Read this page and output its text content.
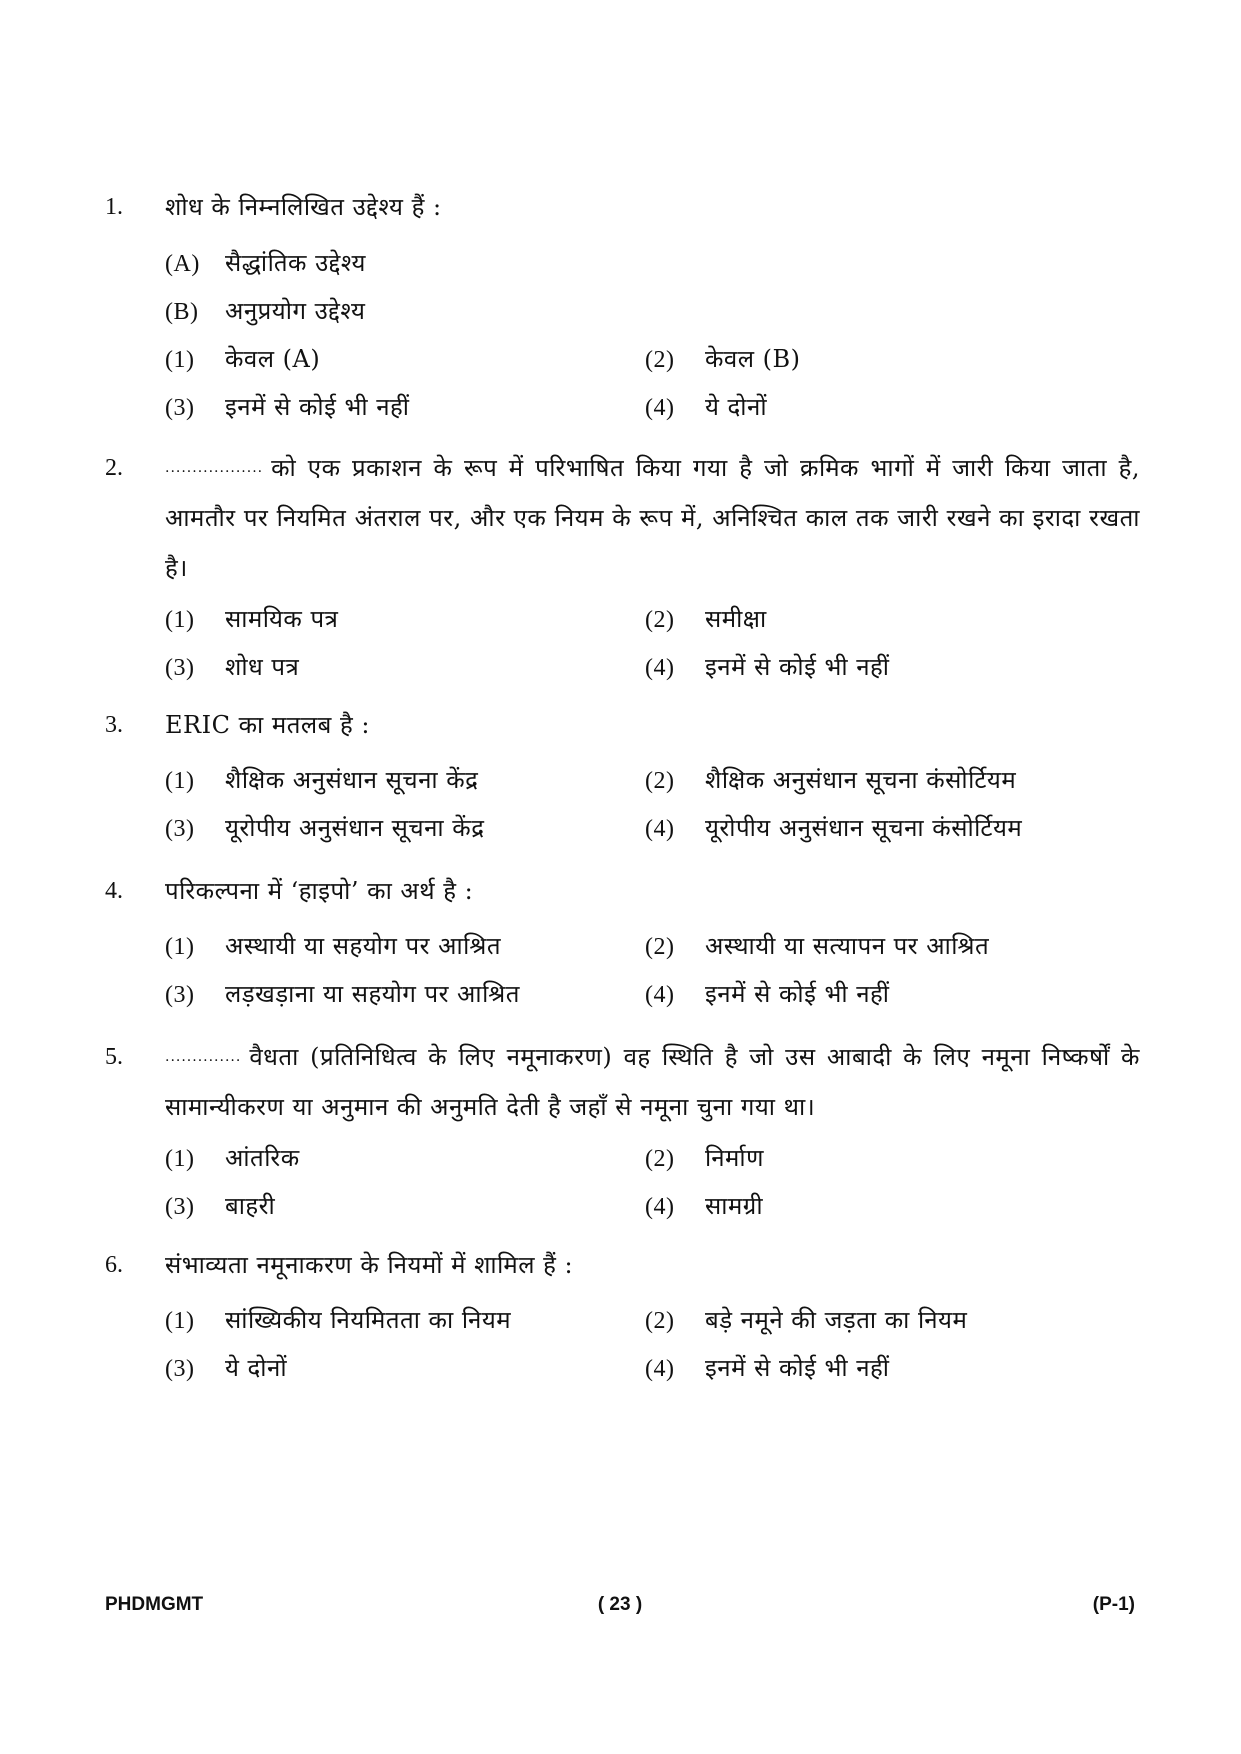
1. शोध के निम्नलिखित उद्देश्य हैं :
(A) सैद्धांतिक उद्देश्य
(B) अनुप्रयोग उद्देश्य
(1) केवल (A)	(2) केवल (B)
(3) इनमें से कोई भी नहीं	(4) ये दोनों
2.	.................. को एक प्रकाशन के रूप में परिभाषित किया गया है जो क्रमिक भागों में जारी किया जाता है, आमतौर पर नियमित अंतराल पर, और एक नियम के रूप में, अनिश्चित काल तक जारी रखने का इरादा रखता है।
(1) सामयिक पत्र	(2) समीक्षा
(3) शोध पत्र	(4) इनमें से कोई भी नहीं
3. ERIC का मतलब है :
(1) शैक्षिक अनुसंधान सूचना केंद्र	(2) शैक्षिक अनुसंधान सूचना कंसोर्टियम
(3) यूरोपीय अनुसंधान सूचना केंद्र	(4) यूरोपीय अनुसंधान सूचना कंसोर्टियम
4. परिकल्पना में ‘हाइपो’ का अर्थ है :
(1) अस्थायी या सहयोग पर आश्रित	(2) अस्थायी या सत्यापन पर आश्रित
(3) लड़खड़ाना या सहयोग पर आश्रित	(4) इनमें से कोई भी नहीं
5.	.............. वैधता (प्रतिनिधित्व के लिए नमूनाकरण) वह स्थिति है जो उस आबादी के लिए नमूना निष्कर्षों के सामान्यीकरण या अनुमान की अनुमति देती है जहाँ से नमूना चुना गया था।
(1) आंतरिक	(2) निर्माण
(3) बाहरी	(4) सामग्री
6. संभाव्यता नमूनाकरण के नियमों में शामिल हैं :
(1) सांख्यिकीय नियमितता का नियम	(2) बड़े नमूने की जड़ता का नियम
(3) ये दोनों	(4) इनमें से कोई भी नहीं
PHDMGMT	( 23 )	(P-1)
